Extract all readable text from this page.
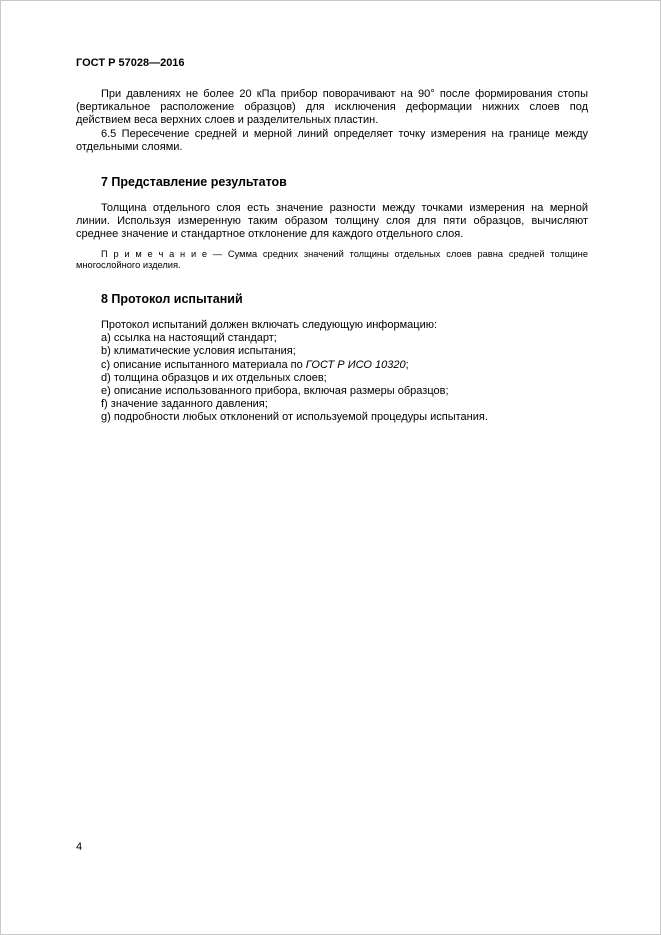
ГОСТ Р 57028—2016

При давлениях не более 20 кПа прибор поворачивают на 90° после формирования стопы (вертикальное расположение образцов) для исключения деформации нижних слоев под действием веса верхних слоев и разделительных пластин.

6.5 Пересечение средней и мерной линий определяет точку измерения на границе между отдельными слоями.

7 Представление результатов

Толщина отдельного слоя есть значение разности между точками измерения на мерной линии. Используя измеренную таким образом толщину слоя для пяти образцов, вычисляют среднее значение и стандартное отклонение для каждого отдельного слоя.

П р и м е ч а н и е — Сумма средних значений толщины отдельных слоев равна средней толщине многослойного изделия.

8 Протокол испытаний

Протокол испытаний должен включать следующую информацию:

a) ссылка на настоящий стандарт;
b) климатические условия испытания;
c) описание испытанного материала по ГОСТ Р ИСО 10320;
d) толщина образцов и их отдельных слоев;
e) описание использованного прибора, включая размеры образцов;
f) значение заданного давления;
g) подробности любых отклонений от используемой процедуры испытания.
4
